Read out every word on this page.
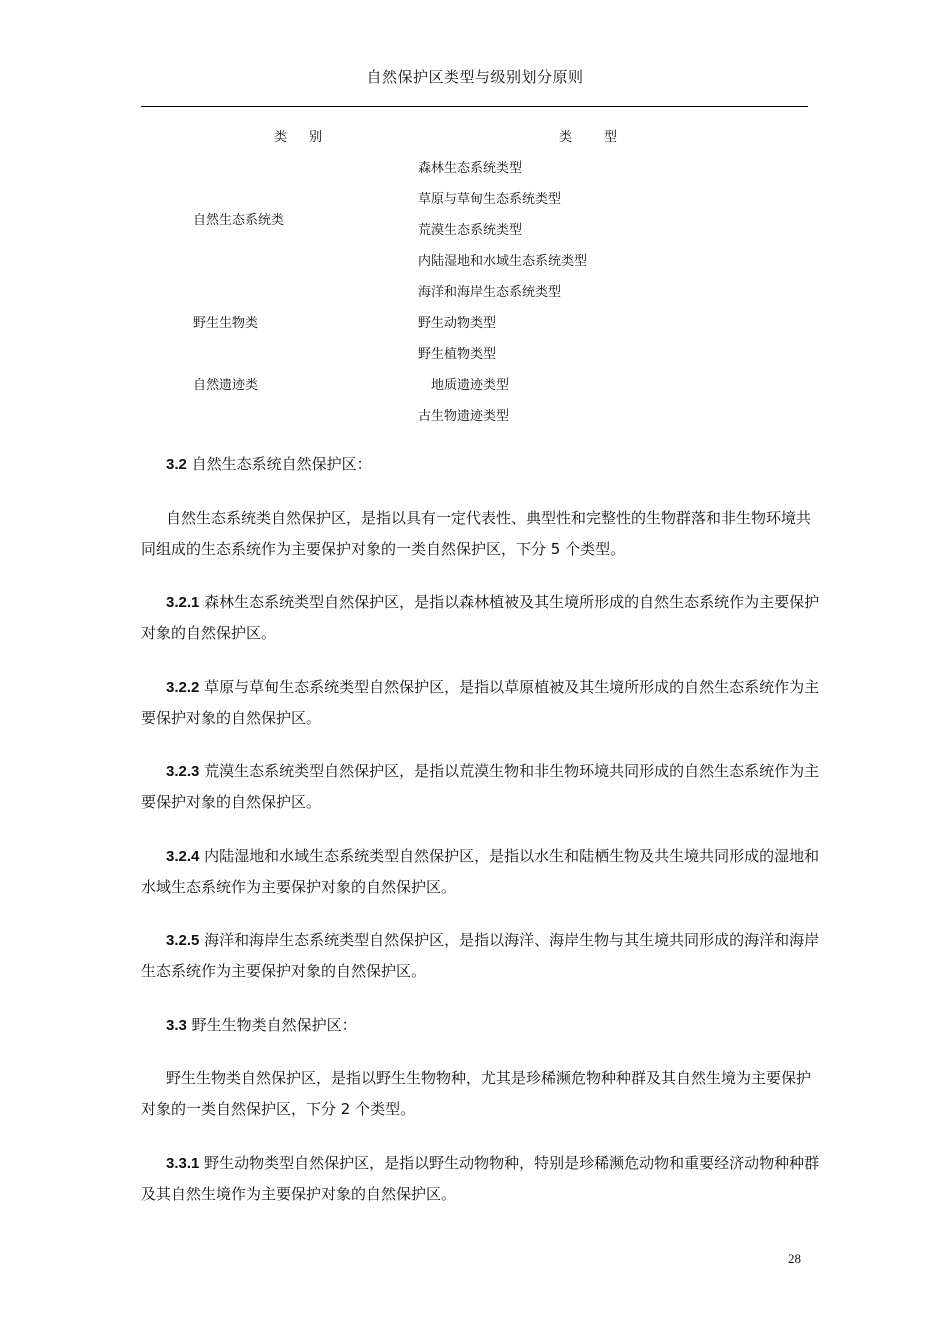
自然保护区类型与级别划分原则
类别	类型
自然生态系统类
野生生物类
自然遗迹类
森林生态系统类型
草原与草甸生态系统类型
荒漠生态系统类型
内陆湿地和水域生态系统类型
海洋和海岸生态系统类型
野生动物类型
野生植物类型
地质遗迹类型
古生物遗迹类型

3.2 自然生态系统自然保护区：

自然生态系统类自然保护区，是指以具有一定代表性、典型性和完整性的生物群落和非生物环境共同组成的生态系统作为主要保护对象的一类自然保护区，下分 5 个类型。

3.2.1 森林生态系统类型自然保护区，是指以森林植被及其生境所形成的自然生态系统作为主要保护对象的自然保护区。

3.2.2 草原与草甸生态系统类型自然保护区，是指以草原植被及其生境所形成的自然生态系统作为主要保护对象的自然保护区。

3.2.3 荒漠生态系统类型自然保护区，是指以荒漠生物和非生物环境共同形成的自然生态系统作为主要保护对象的自然保护区。

3.2.4 内陆湿地和水域生态系统类型自然保护区，是指以水生和陆栖生物及共生境共同形成的湿地和水域生态系统作为主要保护对象的自然保护区。

3.2.5 海洋和海岸生态系统类型自然保护区，是指以海洋、海岸生物与其生境共同形成的海洋和海岸生态系统作为主要保护对象的自然保护区。

3.3 野生生物类自然保护区：

野生生物类自然保护区，是指以野生生物物种，尤其是珍稀濒危物种种群及其自然生境为主要保护对象的一类自然保护区，下分 2 个类型。

3.3.1 野生动物类型自然保护区，是指以野生动物物种，特别是珍稀濒危动物和重要经济动物种种群及其自然生境作为主要保护对象的自然保护区。

28
